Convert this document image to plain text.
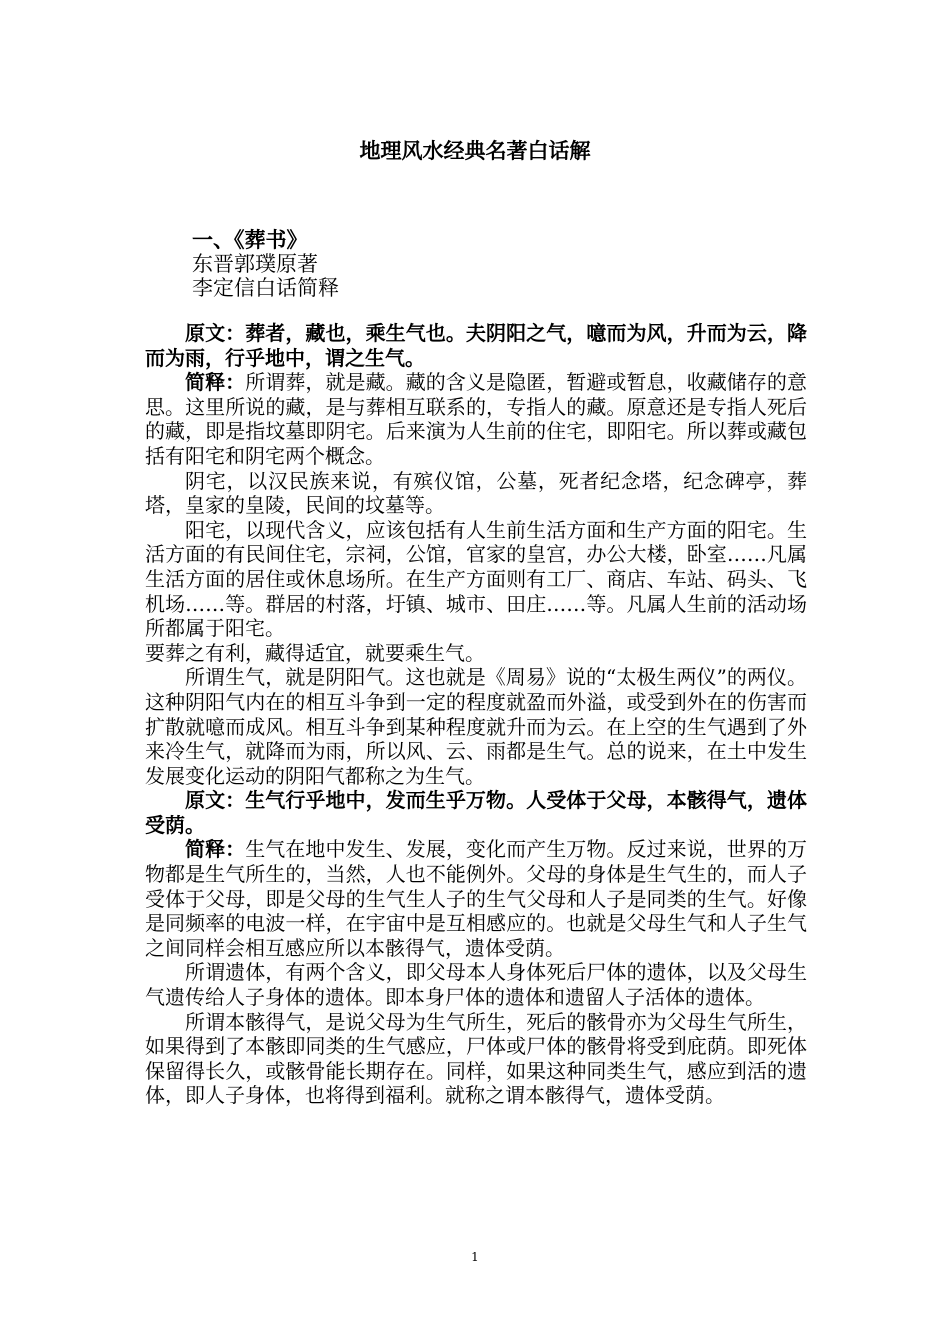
地理风水经典名著白话解
一、《葬书》
东晋郭璞原著
李定信白话简释

原文：葬者，藏也，乘生气也。夫阴阳之气，噫而为风，升而为云，降而为雨，行乎地中，谓之生气。

简释：所谓葬，就是藏。藏的含义是隐匿，暂避或暂息，收藏储存的意思。这里所说的藏，是与葬相互联系的，专指人的藏。原意还是专指人死后的藏，即是指坟墓即阴宅。后来演为人生前的住宅，即阳宅。所以葬或藏包括有阳宅和阴宅两个概念。

阴宅，以汉民族来说，有殡仪馆，公墓，死者纪念塔，纪念碑亭，葬塔，皇家的皇陵，民间的坟墓等。

阳宅，以现代含义，应该包括有人生前生活方面和生产方面的阳宅。生活方面的有民间住宅，宗祠，公馆，官家的皇宫，办公大楼，卧室……凡属生活方面的居住或休息场所。在生产方面则有工厂、商店、车站、码头、飞机场……等。群居的村落，圩镇、城市、田庄……等。凡属人生前的活动场所都属于阳宅。

要葬之有利，藏得适宜，就要乘生气。

所谓生气，就是阴阳气。这也就是《周易》说的“太极生两仪”的两仪。这种阴阳气内在的相互斗争到一定的程度就盈而外溢，或受到外在的伤害而扩散就噫而成风。相互斗争到某种程度就升而为云。在上空的生气遇到了外来冷生气，就降而为雨，所以风、云、雨都是生气。总的说来，在土中发生发展变化运动的阴阳气都称之为生气。

原文：生气行乎地中，发而生乎万物。人受体于父母，本骸得气，遗体受荫。

简释：生气在地中发生、发展，变化而产生万物。反过来说，世界的万物都是生气所生的，当然，人也不能例外。父母的身体是生气生的，而人子受体于父母，即是父母的生气生人子的生气父母和人子是同类的生气。好像是同频率的电波一样，在宇宙中是互相感应的。也就是父母生气和人子生气之间同样会相互感应所以本骸得气，遗体受荫。

所谓遗体，有两个含义，即父母本人身体死后尸体的遗体，以及父母生气遗传给人子身体的遗体。即本身尸体的遗体和遗留人子活体的遗体。

所谓本骸得气，是说父母为生气所生，死后的骸骨亦为父母生气所生，如果得到了本骸即同类的生气感应，尸体或尸体的骸骨将受到庇荫。即死体保留得长久，或骸骨能长期存在。同样，如果这种同类生气，感应到活的遗体，即人子身体，也将得到福利。就称之谓本骸得气，遗体受荫。

1
